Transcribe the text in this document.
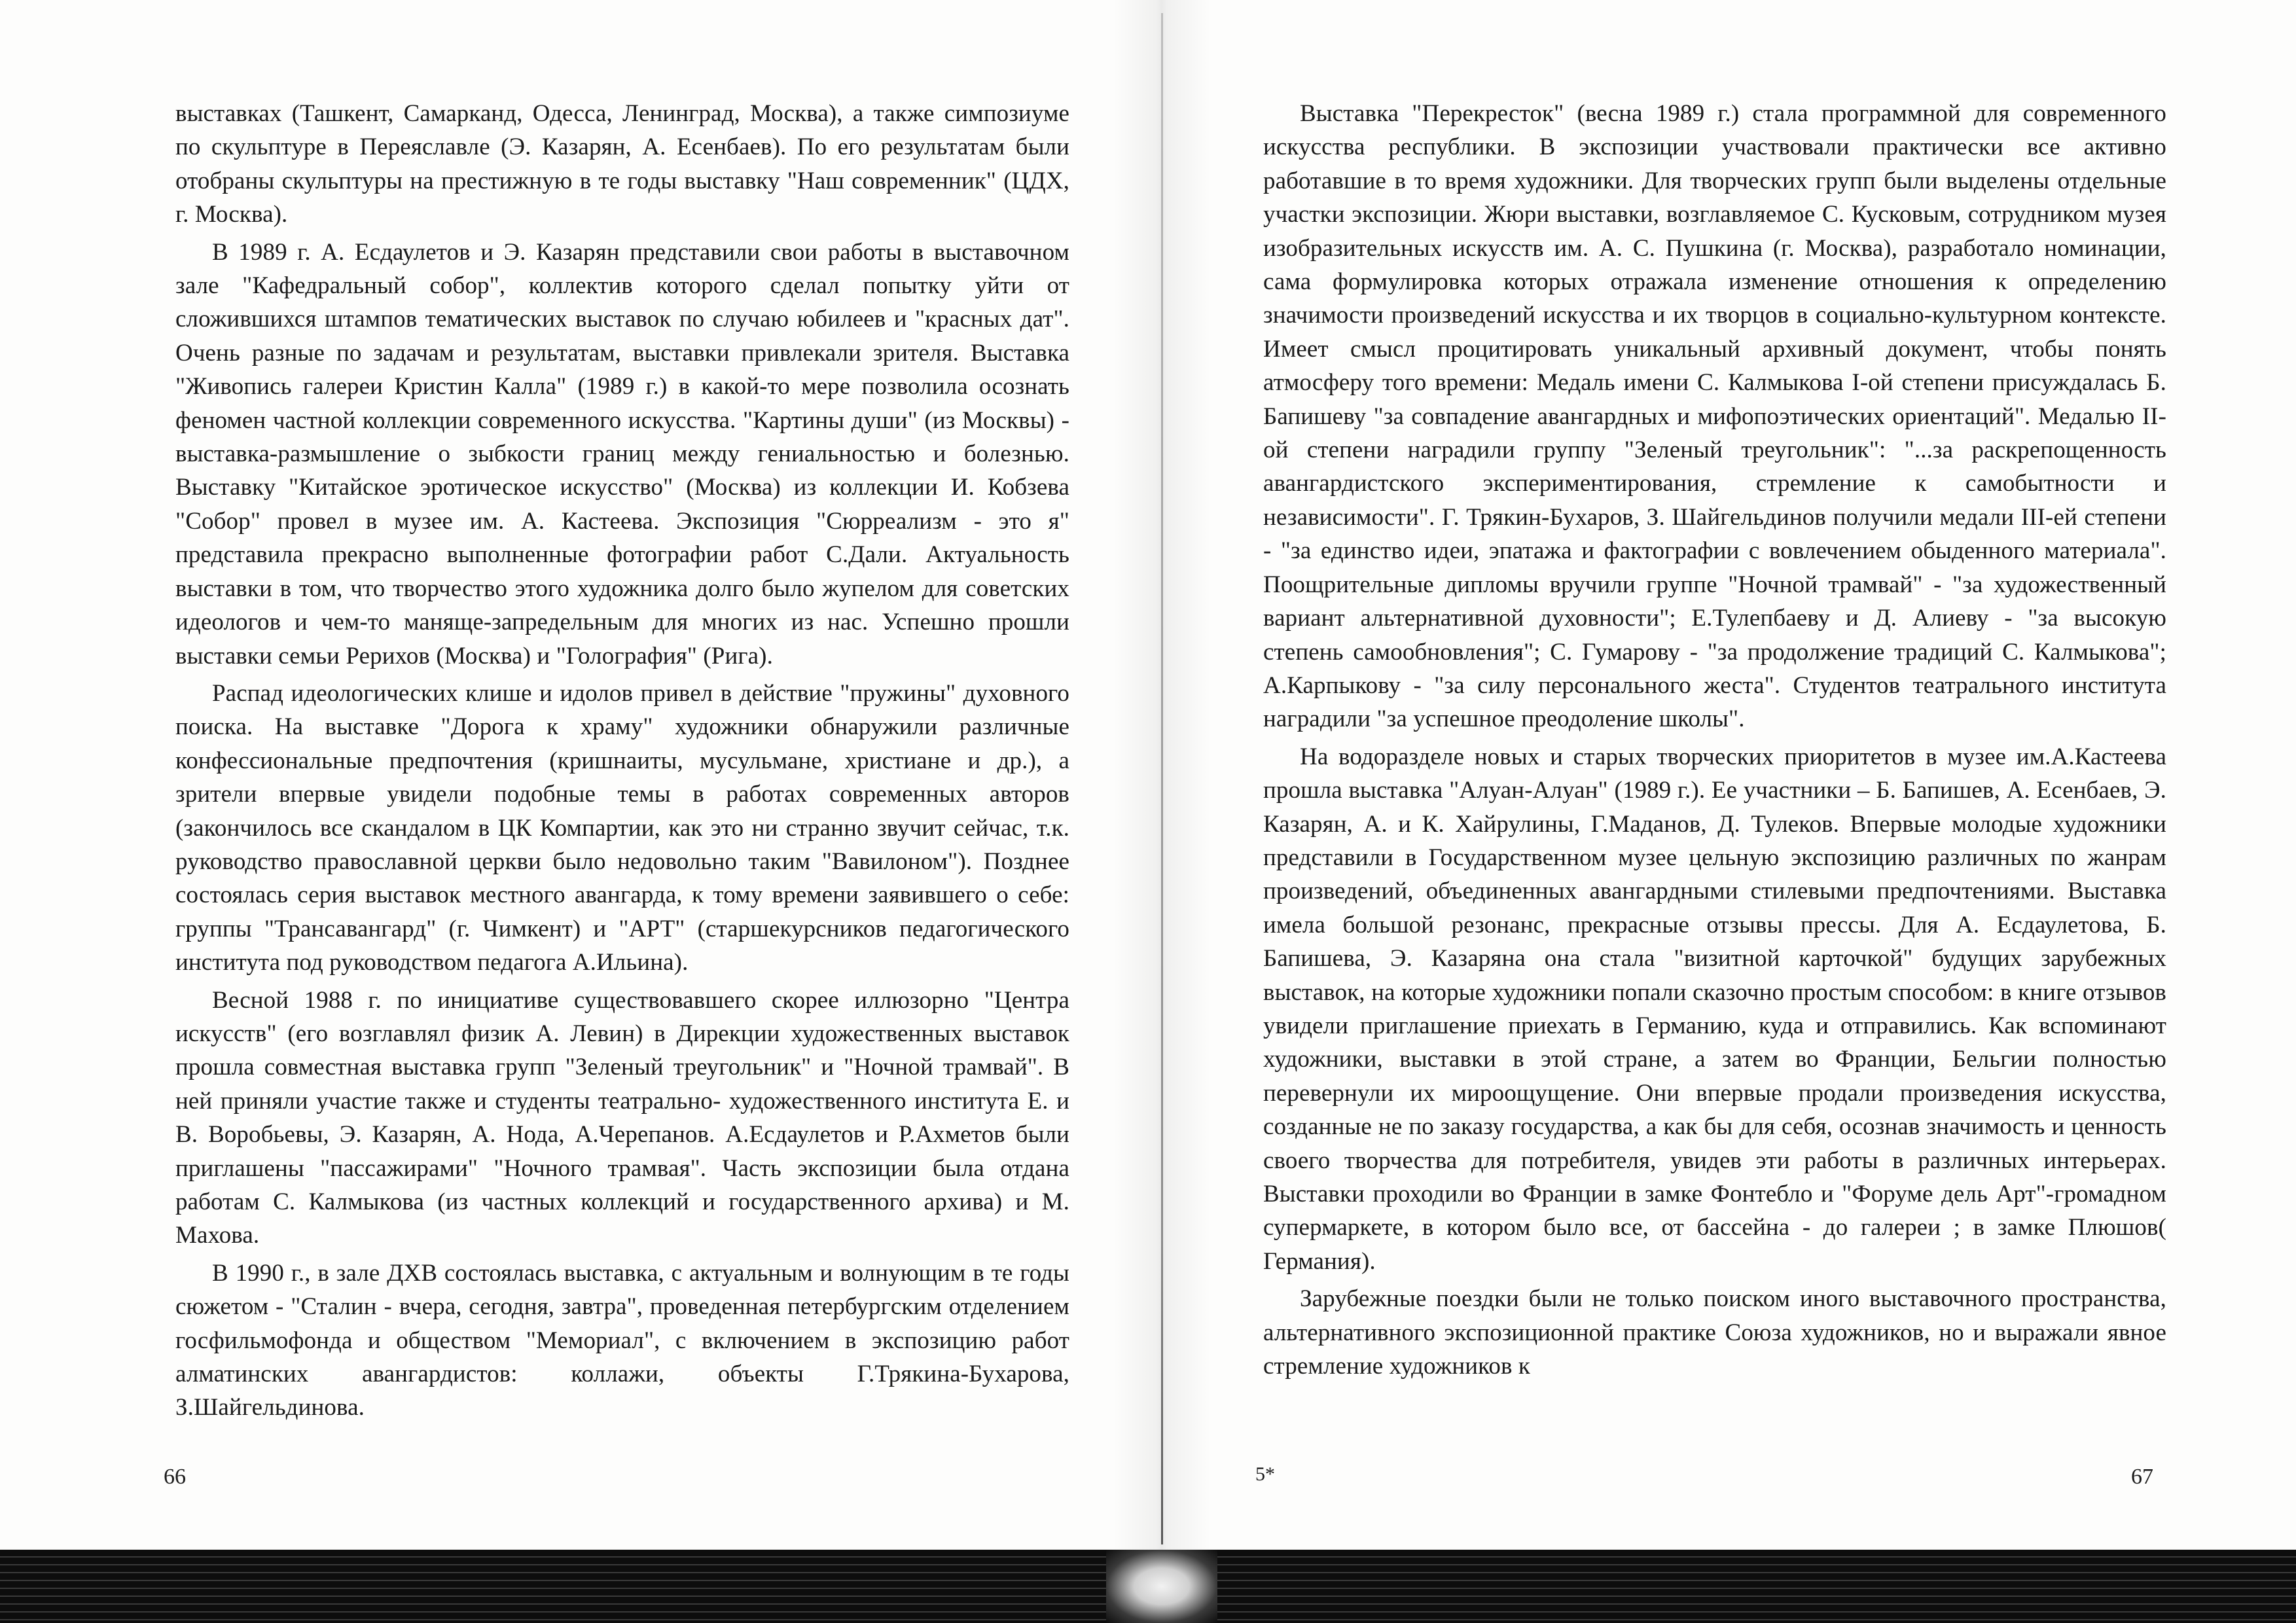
выставках (Ташкент, Самарканд, Одесса, Ленинград, Москва), а также симпозиуме по скульптуре в Переяславле (Э. Казарян, А. Есенбаев). По его результатам были отобраны скульптуры на престижную в те годы выставку "Наш современник" (ЦДХ, г. Москва).

В 1989 г. А. Есдаулетов и Э. Казарян представили свои работы в выставочном зале "Кафедральный собор", коллектив которого сделал попытку уйти от сложившихся штампов тематических выставок по случаю юбилеев и "красных дат". Очень разные по задачам и результатам, выставки привлекали зрителя. Выставка "Живопись галереи Кристин Калла" (1989 г.) в какой-то мере позволила осознать феномен частной коллекции современного искусства. "Картины души" (из Москвы) - выставка-размышление о зыбкости границ между гениальностью и болезнью. Выставку "Китайское эротическое искусство" (Москва) из коллекции И. Кобзева "Собор" провел в музее им. А. Кастеева. Экспозиция "Сюрреализм - это я" представила прекрасно выполненные фотографии работ С.Дали. Актуальность выставки в том, что творчество этого художника долго было жупелом для советских идеологов и чем-то маняще-запредельным для многих из нас. Успешно прошли выставки семьи Рерихов (Москва) и "Голография" (Рига).

Распад идеологических клише и идолов привел в действие "пружины" духовного поиска. На выставке "Дорога к храму" художники обнаружили различные конфессиональные предпочтения (кришнаиты, мусульмане, христиане и др.), а зрители впервые увидели подобные темы в работах современных авторов (закончилось все скандалом в ЦК Компартии, как это ни странно звучит сейчас, т.к. руководство православной церкви было недовольно таким "Вавилоном"). Позднее состоялась серия выставок местного авангарда, к тому времени заявившего о себе: группы "Трансавангард" (г. Чимкент) и "АРТ" (старшекурсников педагогического института под руководством педагога А.Ильина).

Весной 1988 г. по инициативе существовавшего скорее иллюзорно "Центра искусств" (его возглавлял физик А. Левин) в Дирекции художественных выставок прошла совместная выставка групп "Зеленый треугольник" и "Ночной трамвай". В ней приняли участие также и студенты театрально- художественного института Е. и В. Воробьевы, Э. Казарян, А. Нода, А.Черепанов. А.Есдаулетов и Р.Ахметов были приглашены "пассажирами" "Ночного трамвая". Часть экспозиции была отдана работам С. Калмыкова (из частных коллекций и государственного архива) и М. Махова.

В 1990 г., в зале ДХВ состоялась выставка, с актуальным и волнующим в те годы сюжетом - "Сталин - вчера, сегодня, завтра", проведенная петербургским отделением госфильмофонда и обществом "Мемориал", с включением в экспозицию работ алматинских авангардистов: коллажи, объекты Г.Трякина-Бухарова, З.Шайгельдинова.

Выставка "Перекресток" (весна 1989 г.) стала программной для современного искусства республики. В экспозиции участвовали практически все активно работавшие в то время художники. Для творческих групп были выделены отдельные участки экспозиции. Жюри выставки, возглавляемое С. Кусковым, сотрудником музея изобразительных искусств им. А. С. Пушкина (г. Москва), разработало номинации, сама формулировка которых отражала изменение отношения к определению значимости произведений искусства и их творцов в социально-культурном контексте. Имеет смысл процитировать уникальный архивный документ, чтобы понять атмосферу того времени: Медаль имени С. Калмыкова I-ой степени присуждалась Б. Бапишеву "за совпадение авангардных и мифопоэтических ориентаций". Медалью II-ой степени наградили группу "Зеленый треугольник": "...за раскрепощенность авангардистского экспериментирования, стремление к самобытности и независимости". Г. Трякин-Бухаров, З. Шайгельдинов получили медали III-ей степени - "за единство идеи, эпатажа и фактографии с вовлечением обыденного материала". Поощрительные дипломы вручили группе "Ночной трамвай" - "за художественный вариант альтернативной духовности"; Е.Тулепбаеву и Д. Алиеву - "за высокую степень самообновления"; С. Гумарову - "за продолжение традиций С. Калмыкова"; А.Карпыкову - "за силу персонального жеста". Студентов театрального института наградили "за успешное преодоление школы".

На водоразделе новых и старых творческих приоритетов в музее им.А.Кастеева прошла выставка "Алуан-Алуан" (1989 г.). Ее участники – Б. Бапишев, А. Есенбаев, Э. Казарян, А. и К. Хайрулины, Г.Маданов, Д. Тулеков. Впервые молодые художники представили в Государственном музее цельную экспозицию различных по жанрам произведений, объединенных авангардными стилевыми предпочтениями. Выставка имела большой резонанс, прекрасные отзывы прессы. Для А. Есдаулетова, Б. Бапишева, Э. Казаряна она стала "визитной карточкой" будущих зарубежных выставок, на которые художники попали сказочно простым способом: в книге отзывов увидели приглашение приехать в Германию, куда и отправились. Как вспоминают художники, выставки в этой стране, а затем во Франции, Бельгии полностью перевернули их мироощущение. Они впервые продали произведения искусства, созданные не по заказу государства, а как бы для себя, осознав значимость и ценность своего творчества для потребителя, увидев эти работы в различных интерьерах. Выставки проходили во Франции в замке Фонтебло и "Форуме дель Арт"-громадном супермаркете, в котором было все, от бассейна - до галереи ; в замке Плюшов( Германия).

Зарубежные поездки были не только поиском иного выставочного пространства, альтернативного экспозиционной практике Союза художников, но и выражали явное стремление художников к

66	5*	67
